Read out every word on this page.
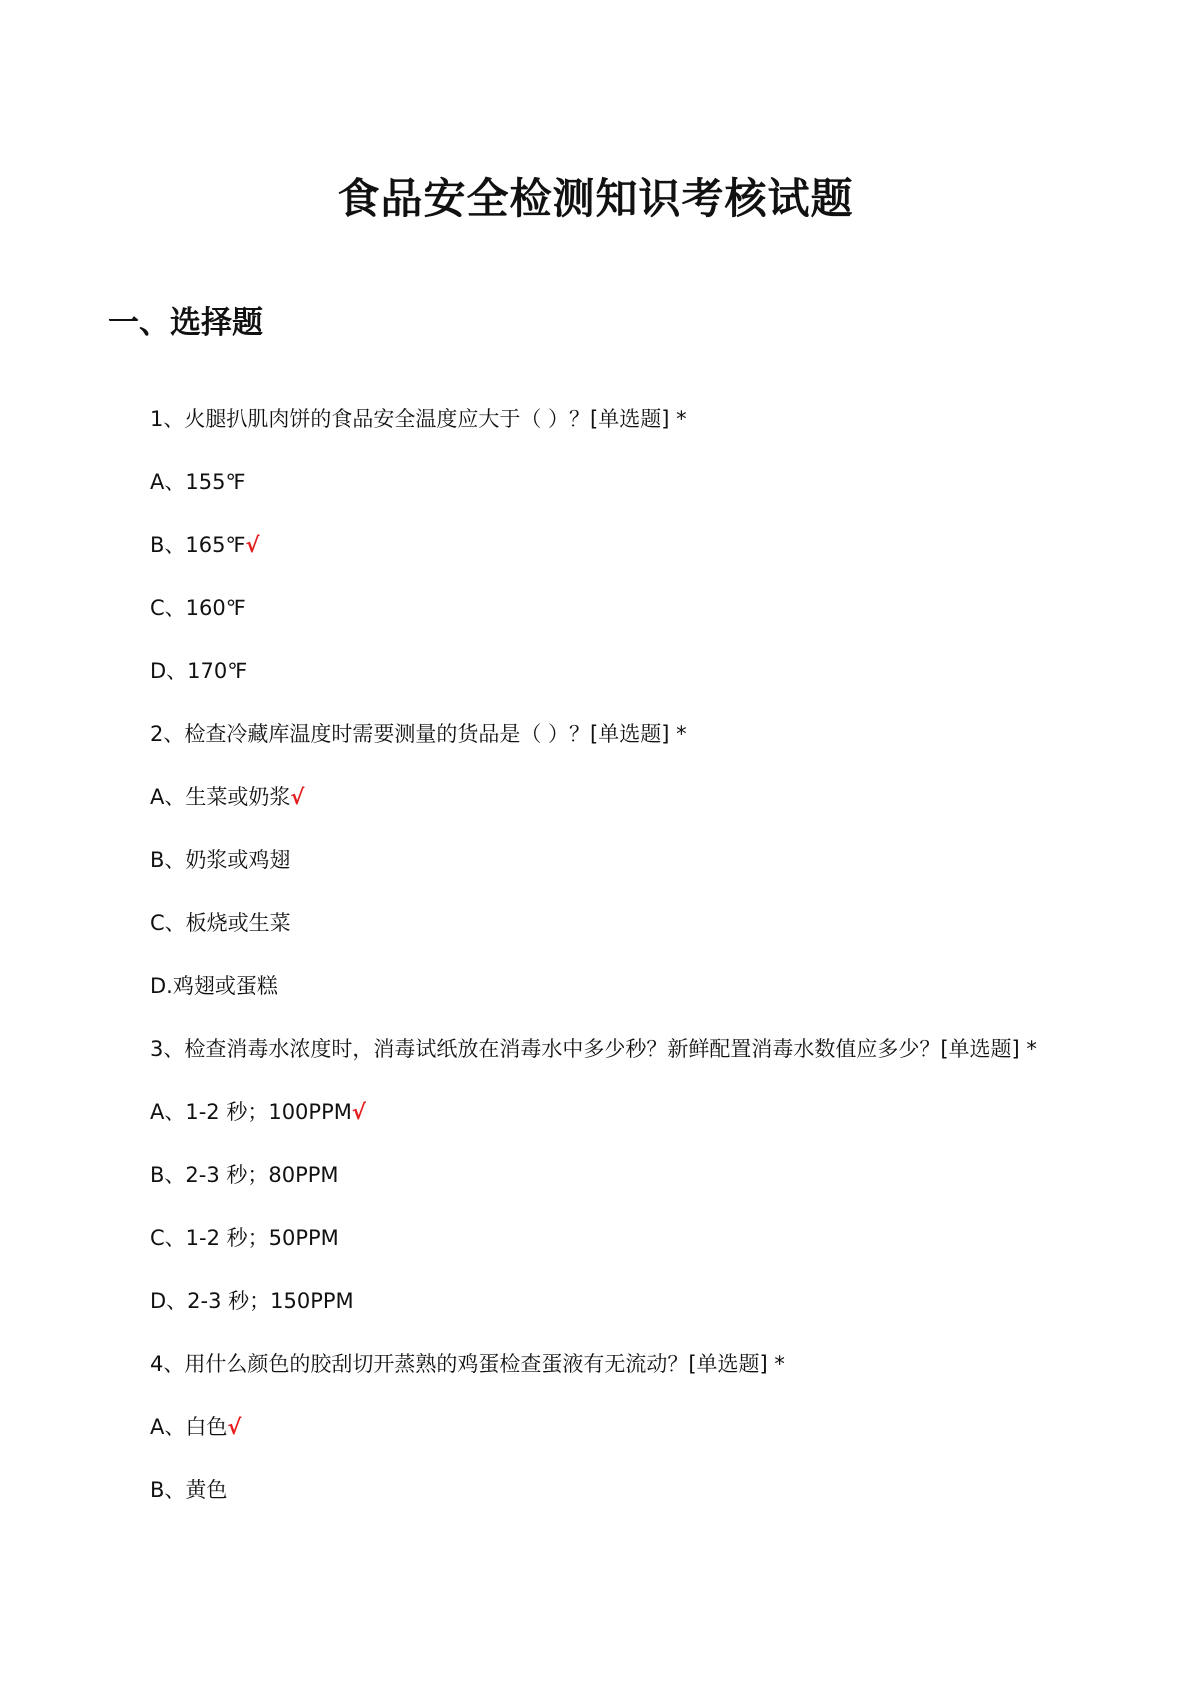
食品安全检测知识考核试题
一、选择题
1、火腿扒肌肉饼的食品安全温度应大于（ ）？[单选题] *
A、155℉
B、165℉√
C、160℉
D、170℉
2、检查冷藏库温度时需要测量的货品是（ ）？[单选题] *
A、生菜或奶浆√
B、奶浆或鸡翅
C、板烧或生菜
D.鸡翅或蛋糕
3、检查消毒水浓度时，消毒试纸放在消毒水中多少秒？新鲜配置消毒水数值应多少？[单选题] *
A、1-2 秒；100PPM√
B、2-3 秒；80PPM
C、1-2 秒；50PPM
D、2-3 秒；150PPM
4、用什么颜色的胶刮切开蒸熟的鸡蛋检查蛋液有无流动？[单选题] *
A、白色√
B、黄色
